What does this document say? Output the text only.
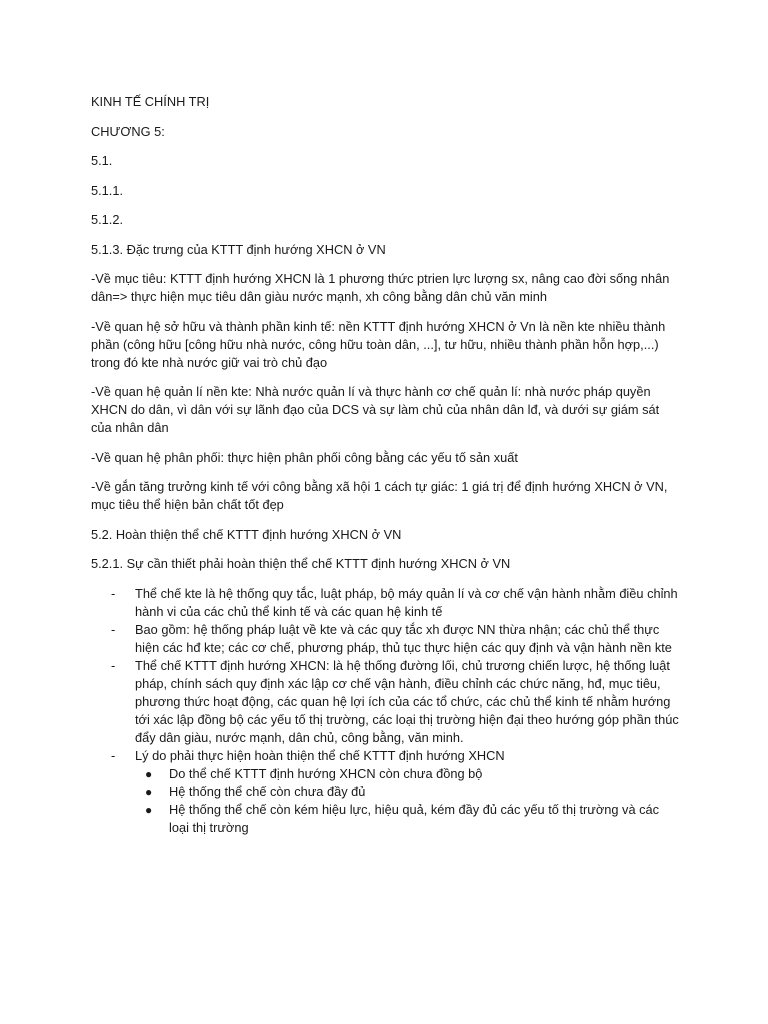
KINH TẾ CHÍNH TRỊ

CHƯƠNG 5:

5.1.

5.1.1.

5.1.2.

5.1.3. Đặc trưng của KTTT định hướng XHCN ở VN

-Về mục tiêu: KTTT định hướng XHCN là 1 phương thức ptrien lực lượng sx, nâng cao đời sống nhân dân=> thực hiện mục tiêu dân giàu nước mạnh, xh công bằng dân chủ văn minh

-Về quan hệ sở hữu và thành phần kinh tế: nền KTTT định hướng XHCN ở Vn là nền kte nhiều thành phần (công hữu [công hữu nhà nước, công hữu toàn dân, ...], tư hữu, nhiều thành phần hỗn hợp,...) trong đó kte nhà nước giữ vai trò chủ đạo

-Về quan hệ quản lí nền kte: Nhà nước quản lí và thực hành cơ chế quản lí: nhà nước pháp quyền XHCN do dân, vì dân với sự lãnh đạo của DCS và sự làm chủ của nhân dân lđ, và dưới sự giám sát của nhân dân

-Về quan hệ phân phối: thực hiện phân phối công bằng các yếu tố sản xuất

-Về gắn tăng trưởng kinh tế với công bằng xã hội 1 cách tự giác: 1 giá trị để định hướng XHCN ở VN, mục tiêu thể hiện bản chất tốt đẹp

5.2. Hoàn thiện thể chế KTTT định hướng XHCN ở VN

5.2.1. Sự cần thiết phải hoàn thiện thể chế KTTT định hướng XHCN ở VN

- Thể chế kte là hệ thống quy tắc, luật pháp, bộ máy quản lí và cơ chế vận hành nhằm điều chỉnh hành vi của các chủ thể kinh tế và các quan hệ kinh tế
- Bao gồm: hệ thống pháp luật về kte và các quy tắc xh được NN thừa nhận; các chủ thể thực hiện các hđ kte; các cơ chế, phương pháp, thủ tục thực hiện các quy định và vận hành nền kte
- Thể chế KTTT định hướng XHCN: là hệ thống đường lối, chủ trương chiến lược, hệ thống luật pháp, chính sách quy định xác lập cơ chế vận hành, điều chỉnh các chức năng, hđ, mục tiêu, phương thức hoạt động, các quan hệ lợi ích của các tổ chức, các chủ thể kinh tế nhằm hướng tới xác lập đồng bộ các yếu tố thị trường, các loại thị trường hiện đại theo hướng góp phần thúc đẩy dân giàu, nước mạnh, dân chủ, công bằng, văn minh.
- Lý do phải thực hiện hoàn thiện thể chế KTTT định hướng XHCN
● Do thể chế KTTT định hướng XHCN còn chưa đồng bộ
● Hệ thống thể chế còn chưa đầy đủ
● Hệ thống thể chế còn kém hiệu lực, hiệu quả, kém đầy đủ các yếu tố thị trường và các loại thị trường
